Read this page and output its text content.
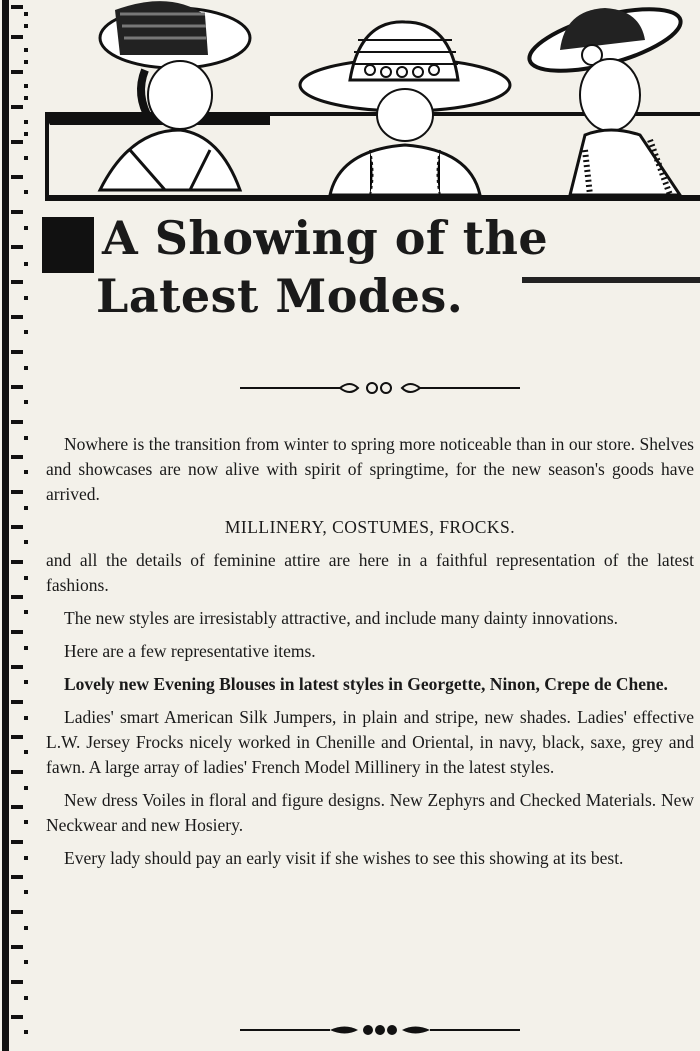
A Showing of the
Latest Modes.

Nowhere is the transition from winter to spring more noticeable than in our store. Shelves and showcases are now alive with spirit of springtime, for the new season's goods have arrived.

MILLINERY, COSTUMES, FROCKS.

and all the details of feminine attire are here in a faithful representation of the latest fashions.

The new styles are irresistably attractive, and include many dainty innovations.

Here are a few representative items.

Lovely new Evening Blouses in latest styles in Georgette, Ninon, Crepe de Chene.

Ladies' smart American Silk Jumpers, in plain and stripe, new shades. Ladies' effective L.W. Jersey Frocks nicely worked in Chenille and Oriental, in navy, black, saxe, grey and fawn. A large array of ladies' French Model Millinery in the latest styles.

New dress Voiles in floral and figure designs. New Zephyrs and Checked Materials. New Neckwear and new Hosiery.

Every lady should pay an early visit if she wishes to see this showing at its best.
